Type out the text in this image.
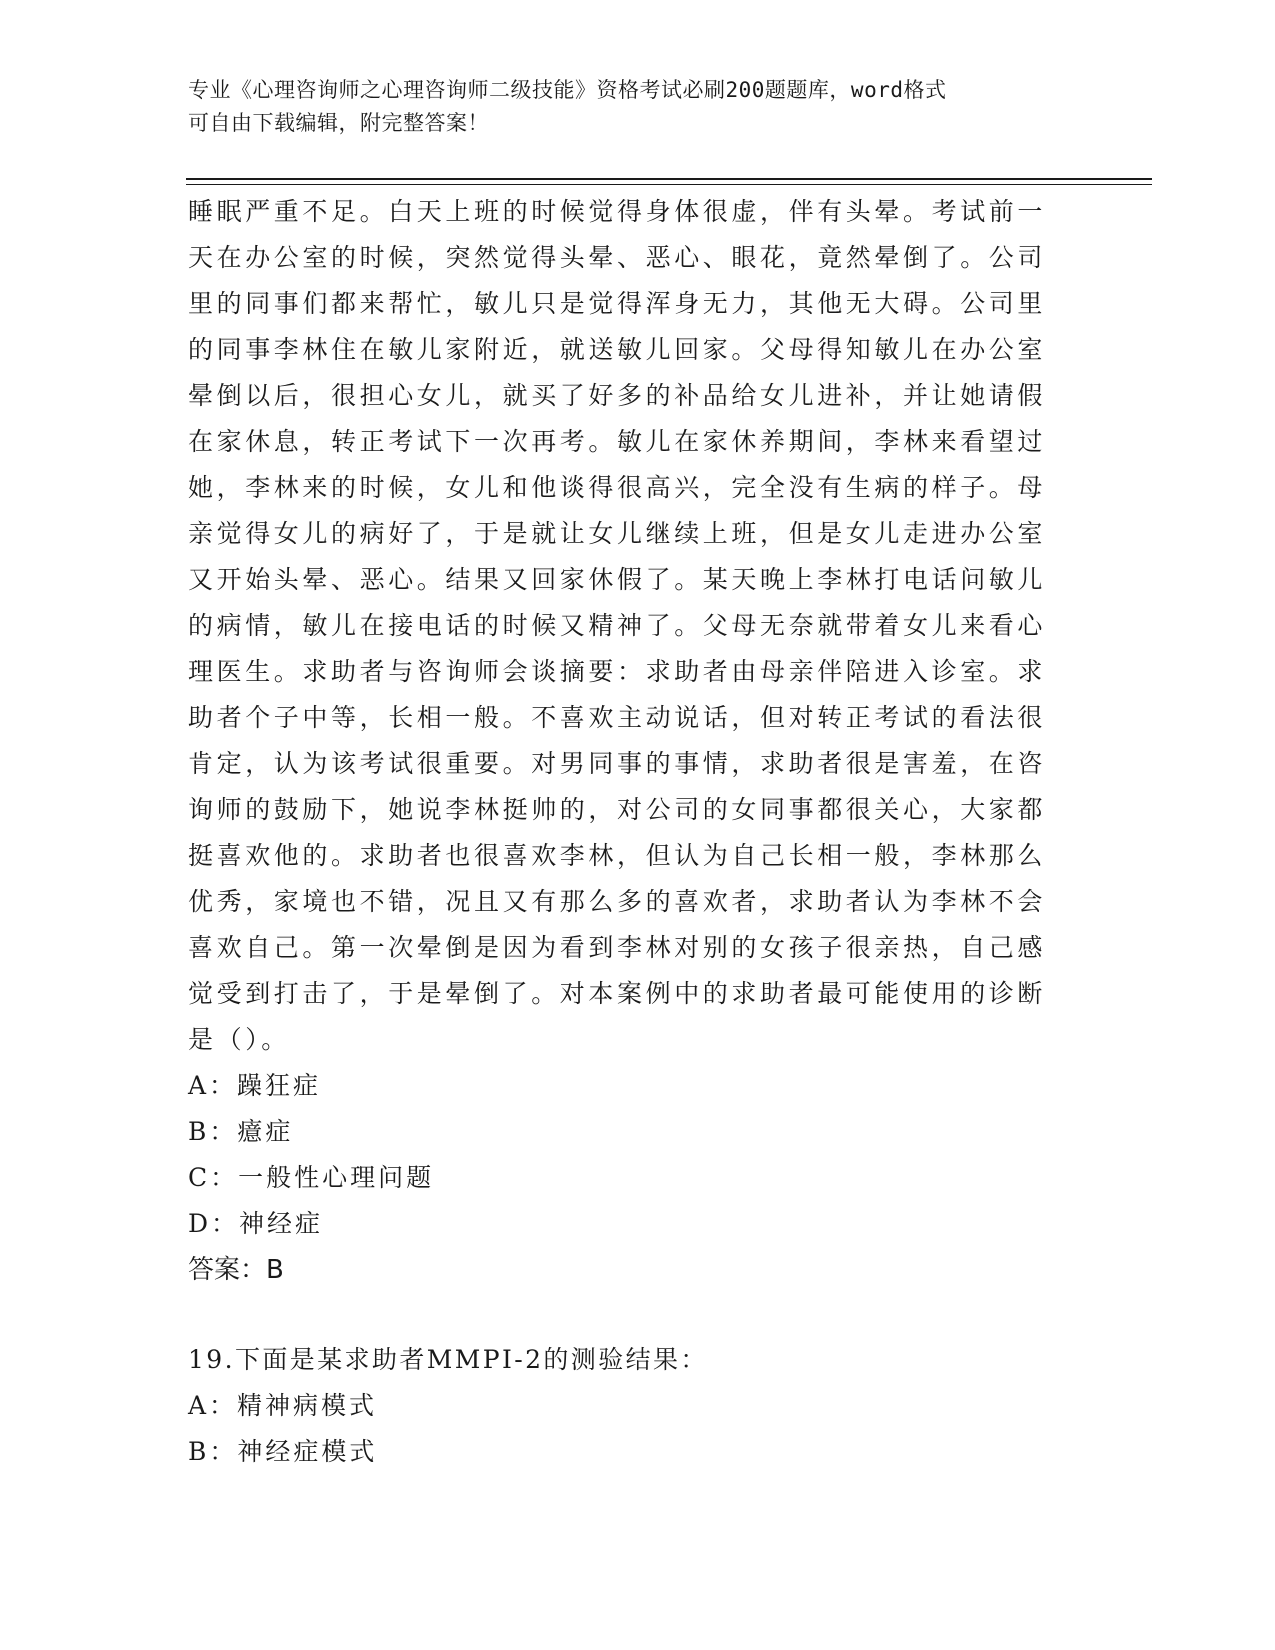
专业《心理咨询师之心理咨询师二级技能》资格考试必刷200题题库，word格式
可自由下载编辑，附完整答案！
睡眠严重不足。白天上班的时候觉得身体很虚，伴有头晕。考试前一
天在办公室的时候，突然觉得头晕、恶心、眼花，竟然晕倒了。公司
里的同事们都来帮忙，敏儿只是觉得浑身无力，其他无大碍。公司里
的同事李林住在敏儿家附近，就送敏儿回家。父母得知敏儿在办公室
晕倒以后，很担心女儿，就买了好多的补品给女儿进补，并让她请假
在家休息，转正考试下一次再考。敏儿在家休养期间，李林来看望过
她，李林来的时候，女儿和他谈得很高兴，完全没有生病的样子。母
亲觉得女儿的病好了，于是就让女儿继续上班，但是女儿走进办公室
又开始头晕、恶心。结果又回家休假了。某天晚上李林打电话问敏儿
的病情，敏儿在接电话的时候又精神了。父母无奈就带着女儿来看心
理医生。求助者与咨询师会谈摘要：求助者由母亲伴陪进入诊室。求
助者个子中等，长相一般。不喜欢主动说话，但对转正考试的看法很
肯定，认为该考试很重要。对男同事的事情，求助者很是害羞，在咨
询师的鼓励下，她说李林挺帅的，对公司的女同事都很关心，大家都
挺喜欢他的。求助者也很喜欢李林，但认为自己长相一般，李林那么
优秀，家境也不错，况且又有那么多的喜欢者，求助者认为李林不会
喜欢自己。第一次晕倒是因为看到李林对别的女孩子很亲热，自己感
觉受到打击了，于是晕倒了。对本案例中的求助者最可能使用的诊断
是（）。
A：躁狂症
B：癔症
C：一般性心理问题
D：神经症
答案：B
19.下面是某求助者MMPI-2的测验结果：
A：精神病模式
B：神经症模式
